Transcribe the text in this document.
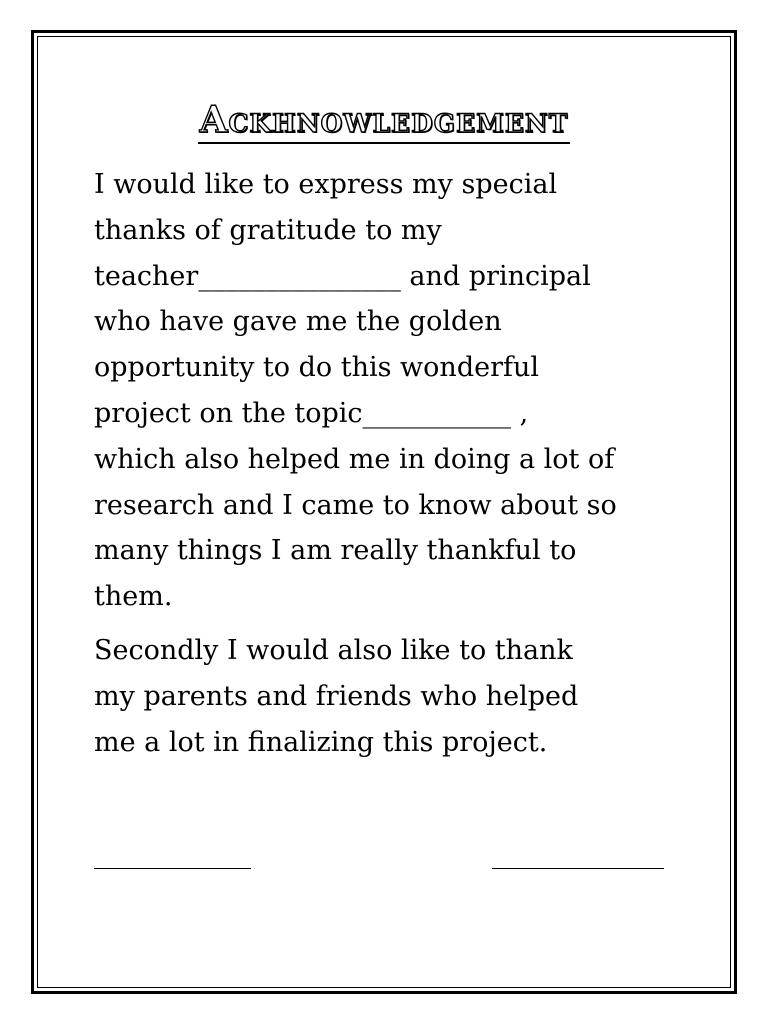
Ackhnowledgement
I would like to express my special
thanks of gratitude to my
teacher_______________ and principal
who have gave me the golden
opportunity to do this wonderful
project on the topic___________ ,
which also helped me in doing a lot of
research and I came to know about so
many things I am really thankful to
them.
Secondly I would also like to thank
my parents and friends who helped
me a lot in finalizing this project.
